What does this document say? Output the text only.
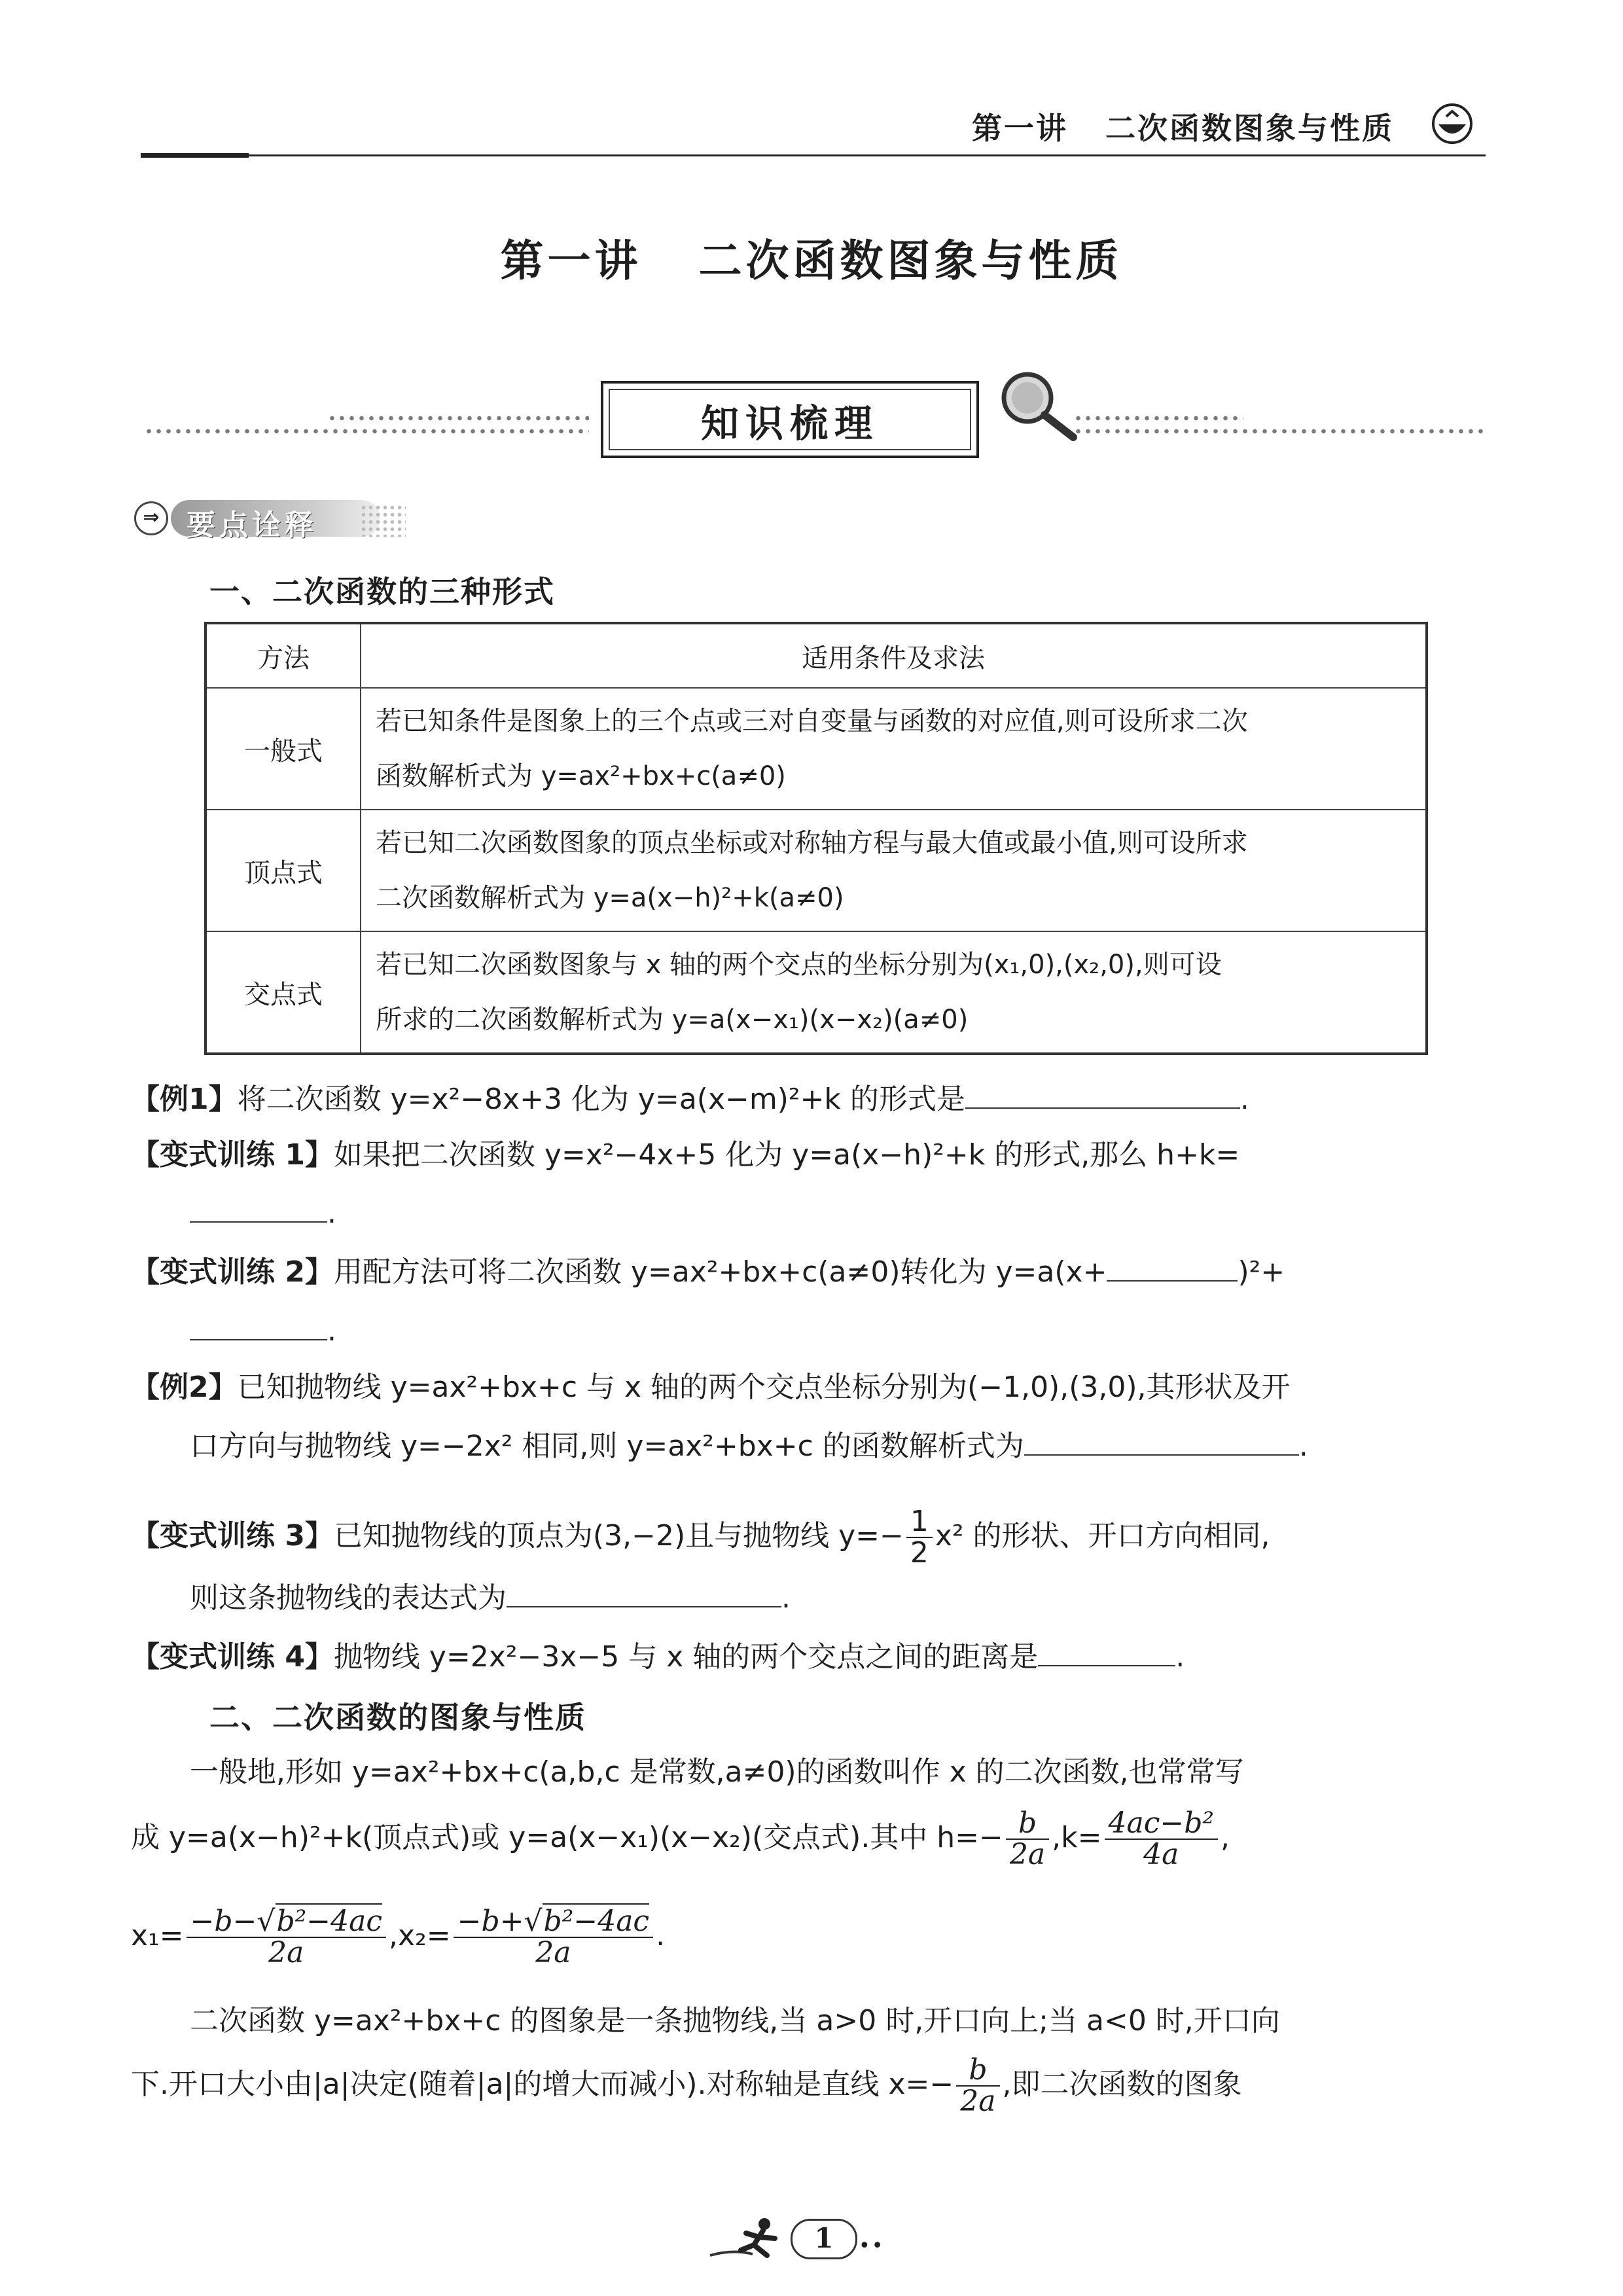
第一讲   二次函数图象与性质
第一讲   二次函数图象与性质
知识梳理
⇒ 要点诠释
一、二次函数的三种形式
方法	适用条件及求法
一般式	若已知条件是图象上的三个点或三对自变量与函数的对应值,则可设所求二次
函数解析式为 y=ax²+bx+c(a≠0)
顶点式	若已知二次函数图象的顶点坐标或对称轴方程与最大值或最小值,则可设所求
二次函数解析式为 y=a(x−h)²+k(a≠0)
交点式	若已知二次函数图象与 x 轴的两个交点的坐标分别为(x₁,0),(x₂,0),则可设
所求的二次函数解析式为 y=a(x−x₁)(x−x₂)(a≠0)
【例1】将二次函数 y=x²−8x+3 化为 y=a(x−m)²+k 的形式是	.
【变式训练 1】如果把二次函数 y=x²−4x+5 化为 y=a(x−h)²+k 的形式,那么 h+k=
.
【变式训练 2】用配方法可将二次函数 y=ax²+bx+c(a≠0)转化为 y=a(x+	)²+
.
【例2】已知抛物线 y=ax²+bx+c 与 x 轴的两个交点坐标分别为(−1,0),(3,0),其形状及开
口方向与抛物线 y=−2x² 相同,则 y=ax²+bx+c 的函数解析式为	.
【变式训练 3】已知抛物线的顶点为(3,−2)且与抛物线 $y=- \frac{1}{2} x^2$ 的形状、开口方向相同,
则这条抛物线的表达式为	.
【变式训练 4】抛物线 y=2x²−3x−5 与 x 轴的两个交点之间的距离是	.
二、二次函数的图象与性质
一般地,形如 y=ax²+bx+c(a,b,c 是常数,a≠0)的函数叫作 x 的二次函数,也常常写
成 y=a(x−h)²+k(顶点式)或 y=a(x−x₁)(x−x₂)(交点式).其中 $h=- \frac{b}{2a} ,k= \frac{\text{4ac−b²}}{4a}$ ,
$x_1= \frac{\text{−b−√b²−4ac}}{2a} ,x_2= \frac{\text{−b+√b²−4ac}}{2a}$ .
二次函数 y=ax²+bx+c 的图象是一条抛物线,当 a>0 时,开口向上;当 a<0 时,开口向
下.开口大小由|a|决定(随着|a|的增大而减小).对称轴是直线 $x=- \frac{b}{2a}$ ,即二次函数的图象
1	••
